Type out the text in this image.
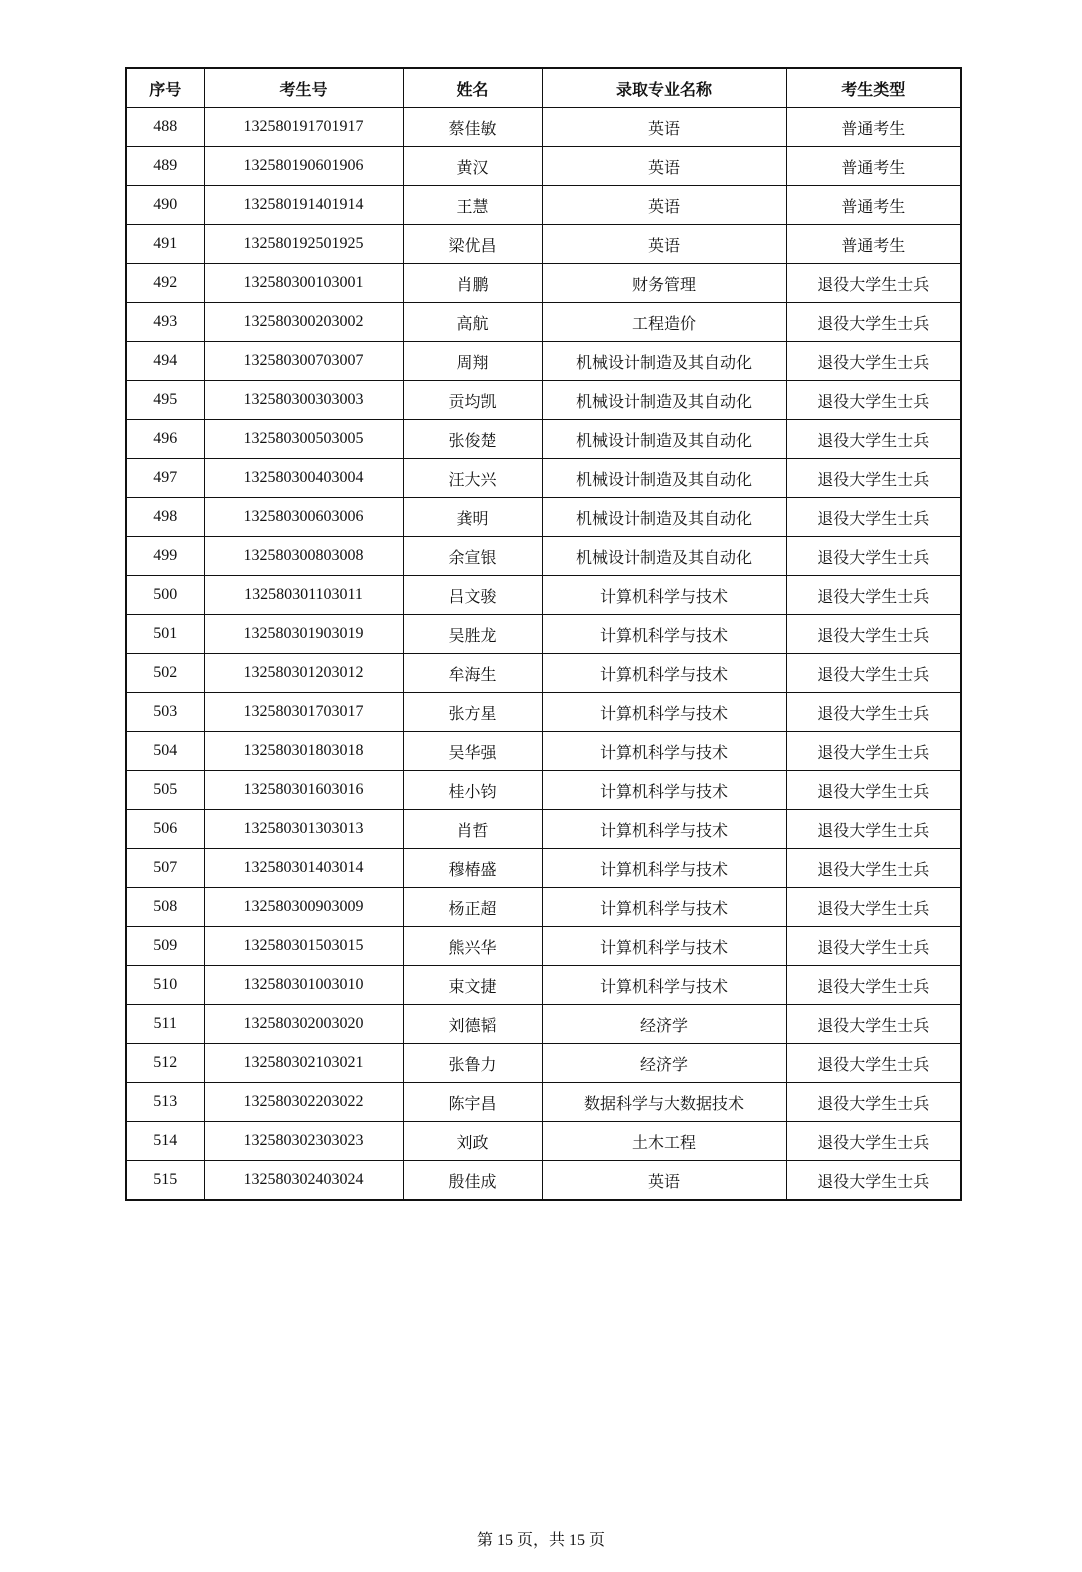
序号	考生号	姓名	录取专业名称	考生类型
488	132580191701917	蔡佳敏	英语	普通考生
489	132580190601906	黄汉	英语	普通考生
490	132580191401914	王慧	英语	普通考生
491	132580192501925	梁优昌	英语	普通考生
492	132580300103001	肖鹏	财务管理	退役大学生士兵
493	132580300203002	高航	工程造价	退役大学生士兵
494	132580300703007	周翔	机械设计制造及其自动化	退役大学生士兵
495	132580300303003	贡均凯	机械设计制造及其自动化	退役大学生士兵
496	132580300503005	张俊楚	机械设计制造及其自动化	退役大学生士兵
497	132580300403004	汪大兴	机械设计制造及其自动化	退役大学生士兵
498	132580300603006	龚明	机械设计制造及其自动化	退役大学生士兵
499	132580300803008	余宣银	机械设计制造及其自动化	退役大学生士兵
500	132580301103011	吕文骏	计算机科学与技术	退役大学生士兵
501	132580301903019	吴胜龙	计算机科学与技术	退役大学生士兵
502	132580301203012	牟海生	计算机科学与技术	退役大学生士兵
503	132580301703017	张方星	计算机科学与技术	退役大学生士兵
504	132580301803018	吴华强	计算机科学与技术	退役大学生士兵
505	132580301603016	桂小钧	计算机科学与技术	退役大学生士兵
506	132580301303013	肖哲	计算机科学与技术	退役大学生士兵
507	132580301403014	穆椿盛	计算机科学与技术	退役大学生士兵
508	132580300903009	杨正超	计算机科学与技术	退役大学生士兵
509	132580301503015	熊兴华	计算机科学与技术	退役大学生士兵
510	132580301003010	束文捷	计算机科学与技术	退役大学生士兵
511	132580302003020	刘德韬	经济学	退役大学生士兵
512	132580302103021	张鲁力	经济学	退役大学生士兵
513	132580302203022	陈宇昌	数据科学与大数据技术	退役大学生士兵
514	132580302303023	刘政	土木工程	退役大学生士兵
515	132580302403024	殷佳成	英语	退役大学生士兵
第 15 页，共 15 页
